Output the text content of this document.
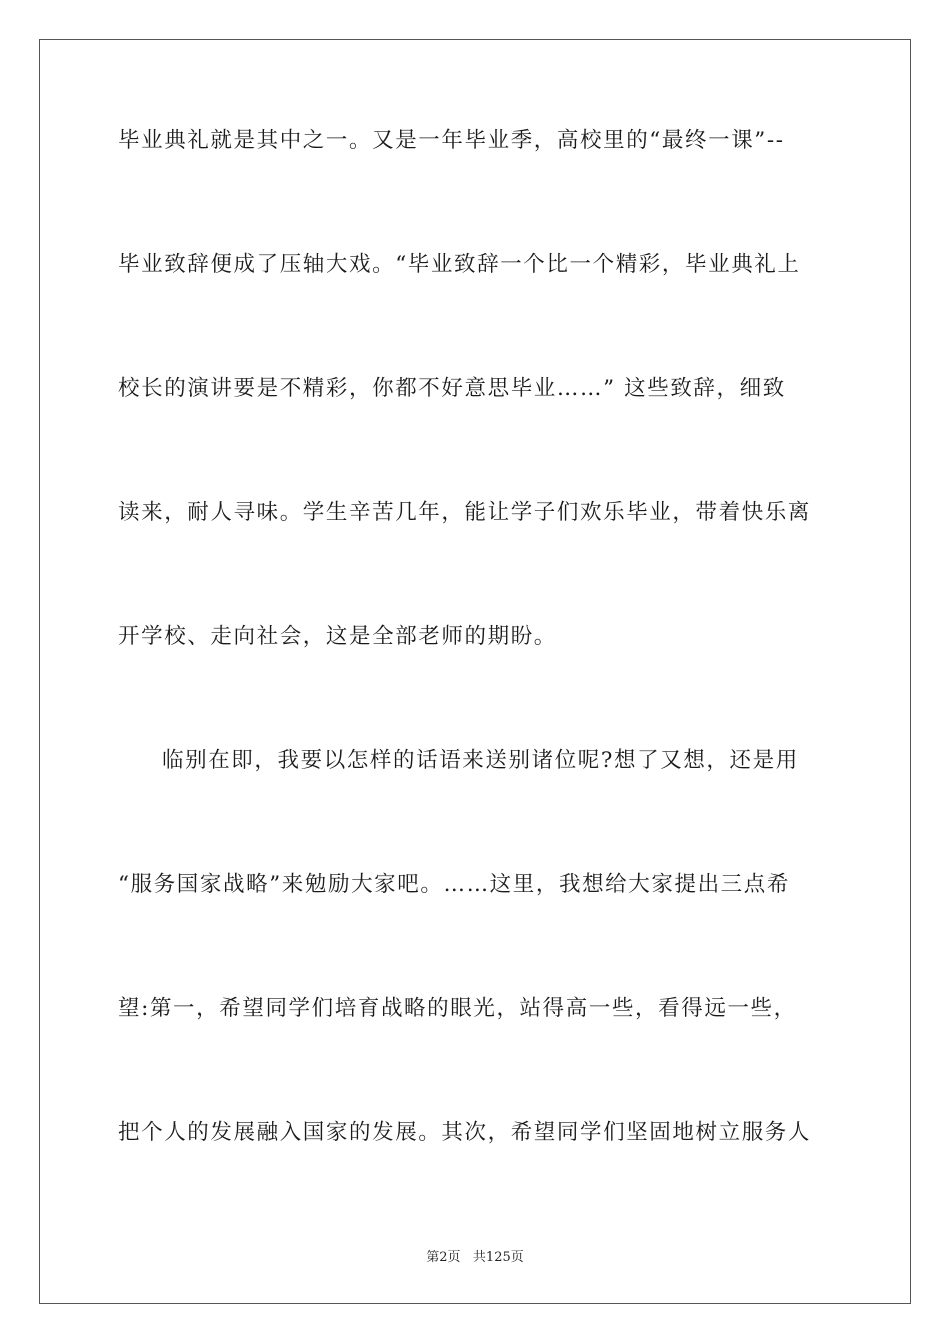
毕业典礼就是其中之一。又是一年毕业季，高校里的“最终一课”--
毕业致辞便成了压轴大戏。“毕业致辞一个比一个精彩，毕业典礼上
校长的演讲要是不精彩，你都不好意思毕业……” 这些致辞，细致
读来，耐人寻味。学生辛苦几年，能让学子们欢乐毕业，带着快乐离
开学校、走向社会，这是全部老师的期盼。
临别在即，我要以怎样的话语来送别诸位呢?想了又想，还是用
“服务国家战略”来勉励大家吧。……这里，我想给大家提出三点希
望:第一，希望同学们培育战略的眼光，站得高一些，看得远一些，
把个人的发展融入国家的发展。其次，希望同学们坚固地树立服务人
第2页 共125页
